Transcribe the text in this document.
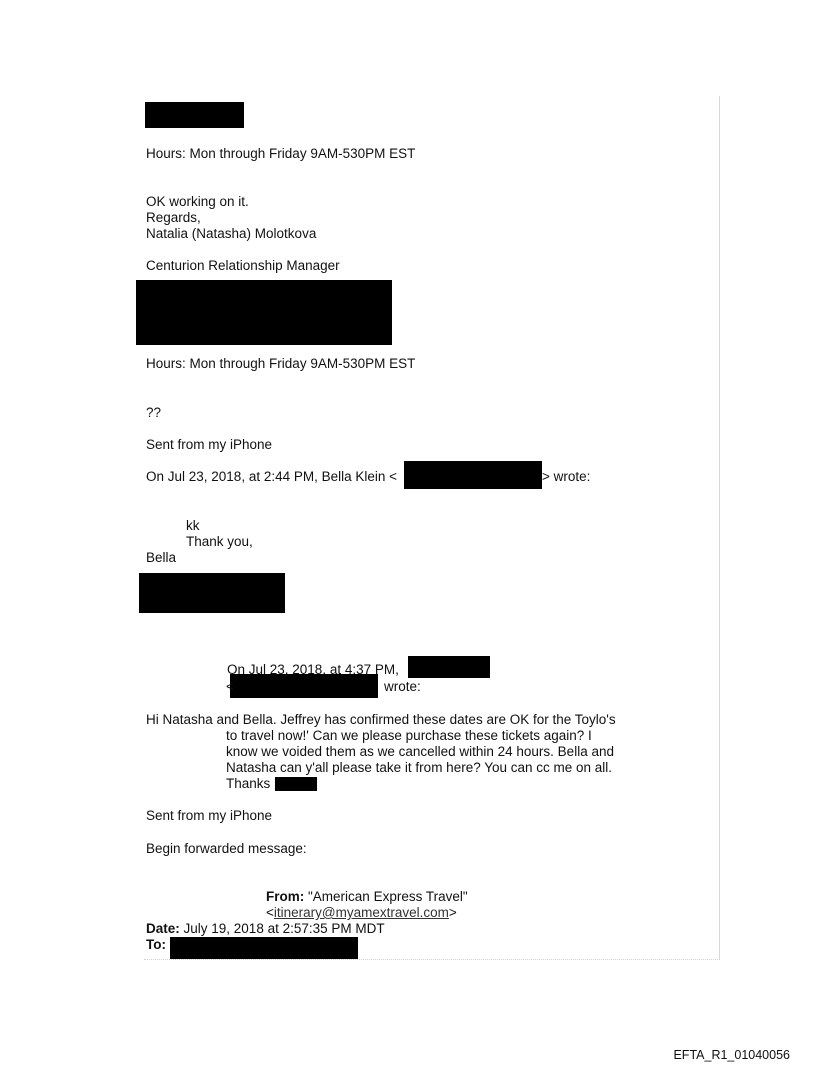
Hours: Mon through Friday 9AM-530PM EST
OK working on it.
Regards,
Natalia (Natasha) Molotkova
Centurion Relationship Manager
Hours: Mon through Friday 9AM-530PM EST
??
Sent from my iPhone
On Jul 23, 2018, at 2:44 PM, Bella Klein <	> wrote:
kk
Thank you,
Bella
On Jul 23, 2018, at 4:37 PM,
<	wrote:
Hi Natasha and Bella. Jeffrey has confirmed these dates are OK for the Toylo's
to travel now!' Can we please purchase these tickets again? I
know we voided them as we cancelled within 24 hours. Bella and
Natasha can y'all please take it from here? You can cc me on all.
Thanks
Sent from my iPhone
Begin forwarded message:
From: "American Express Travel"
<itinerary@myamextravel.com>
Date: July 19, 2018 at 2:57:35 PM MDT
To:
EFTA_R1_01040056
